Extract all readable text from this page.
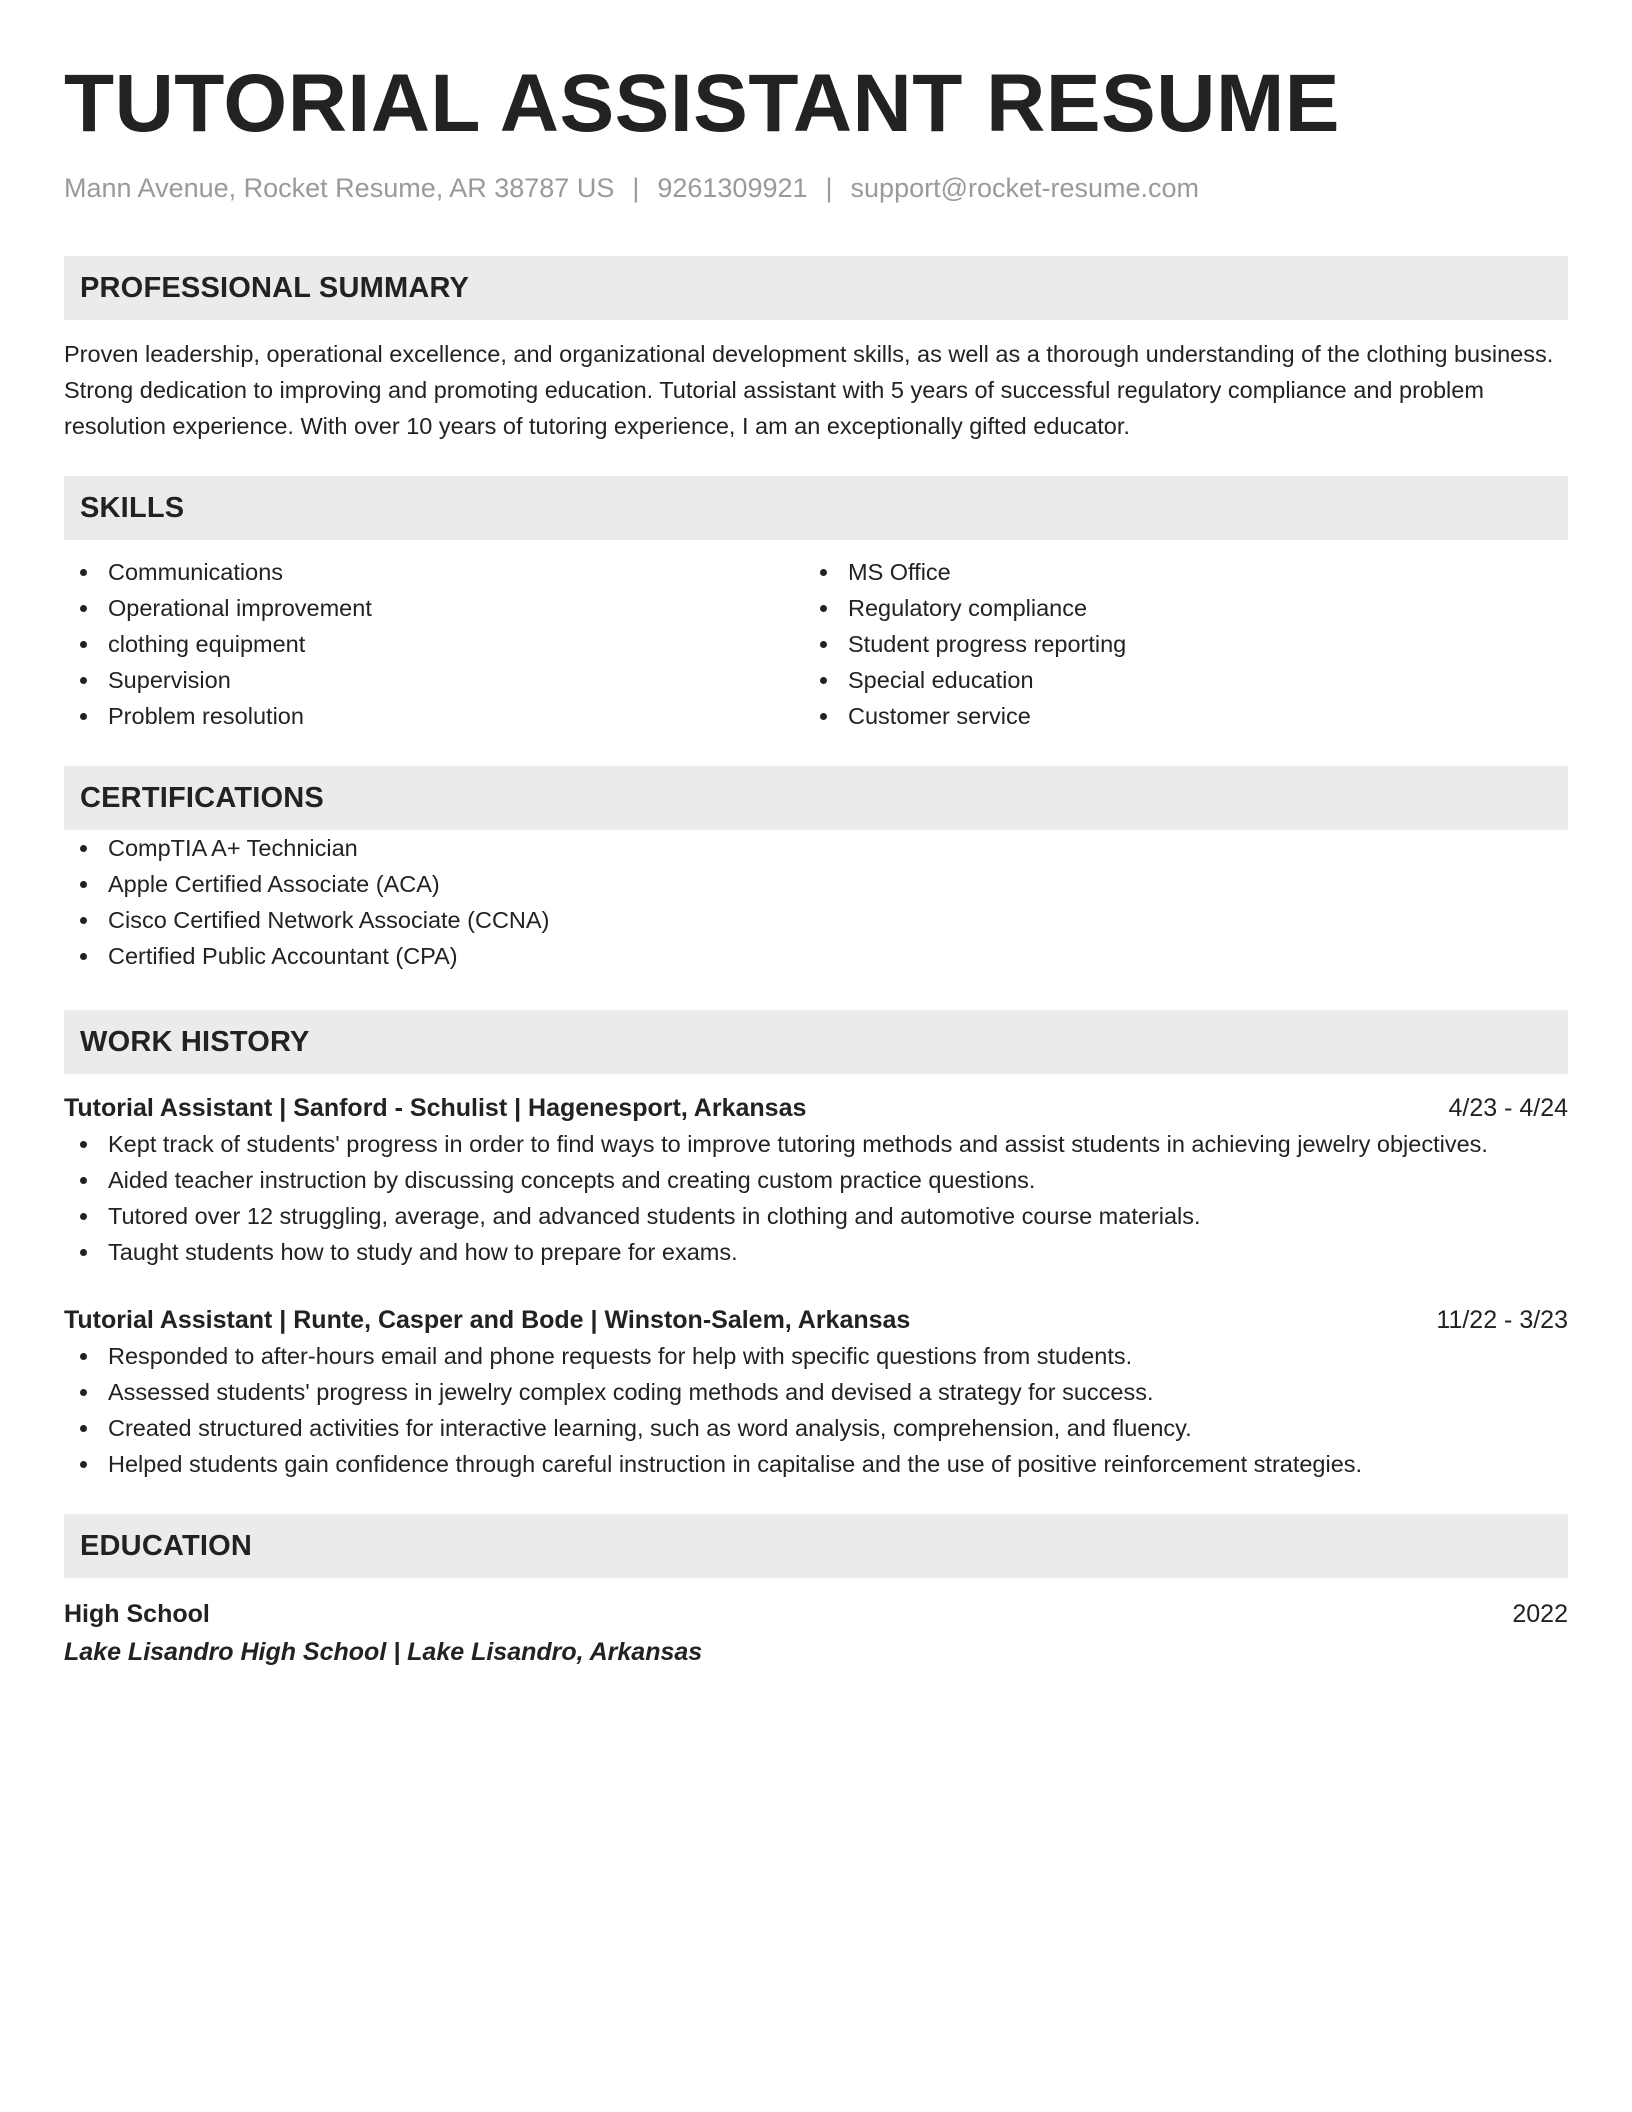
TUTORIAL ASSISTANT RESUME
Mann Avenue, Rocket Resume, AR 38787 US | 9261309921 | support@rocket-resume.com
PROFESSIONAL SUMMARY

Proven leadership, operational excellence, and organizational development skills, as well as a thorough understanding of the clothing business. Strong dedication to improving and promoting education. Tutorial assistant with 5 years of successful regulatory compliance and problem resolution experience. With over 10 years of tutoring experience, I am an exceptionally gifted educator.

SKILLS
Communications
Operational improvement
clothing equipment
Supervision
Problem resolution
MS Office
Regulatory compliance
Student progress reporting
Special education
Customer service
CERTIFICATIONS
CompTIA A+ Technician
Apple Certified Associate (ACA)
Cisco Certified Network Associate (CCNA)
Certified Public Accountant (CPA)
WORK HISTORY
Tutorial Assistant | Sanford - Schulist | Hagenesport, Arkansas	4/23 - 4/24
Kept track of students' progress in order to find ways to improve tutoring methods and assist students in achieving jewelry objectives.
Aided teacher instruction by discussing concepts and creating custom practice questions.
Tutored over 12 struggling, average, and advanced students in clothing and automotive course materials.
Taught students how to study and how to prepare for exams.
Tutorial Assistant | Runte, Casper and Bode | Winston-Salem, Arkansas	11/22 - 3/23
Responded to after-hours email and phone requests for help with specific questions from students.
Assessed students' progress in jewelry complex coding methods and devised a strategy for success.
Created structured activities for interactive learning, such as word analysis, comprehension, and fluency.
Helped students gain confidence through careful instruction in capitalise and the use of positive reinforcement strategies.
EDUCATION
High School	2022
Lake Lisandro High School | Lake Lisandro, Arkansas
